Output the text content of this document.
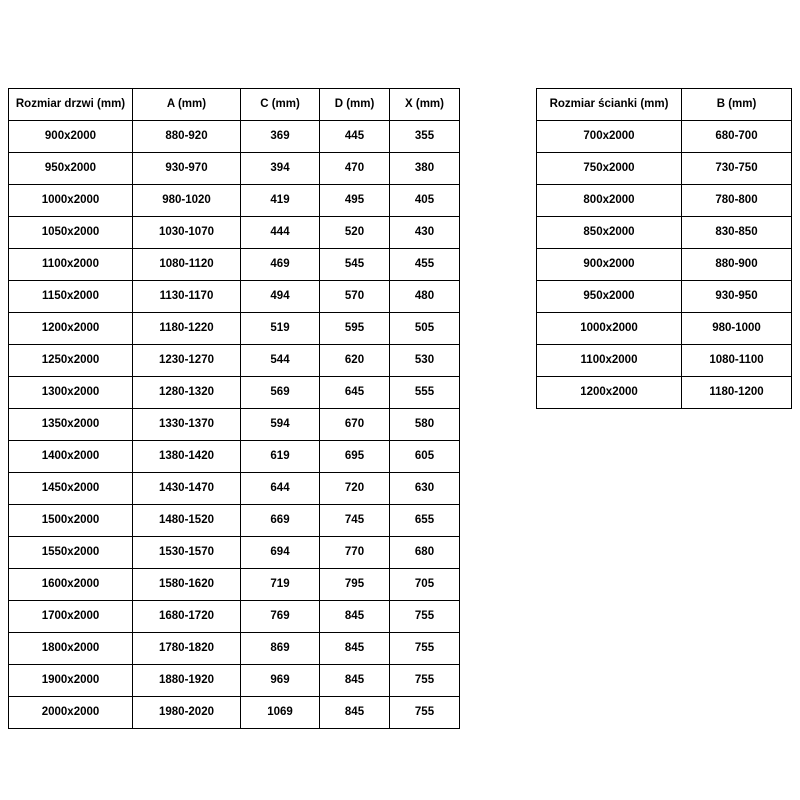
Rozmiar drzwi (mm)	A (mm)	C (mm)	D (mm)	X (mm)
900x2000	880-920	369	445	355
950x2000	930-970	394	470	380
1000x2000	980-1020	419	495	405
1050x2000	1030-1070	444	520	430
1100x2000	1080-1120	469	545	455
1150x2000	1130-1170	494	570	480
1200x2000	1180-1220	519	595	505
1250x2000	1230-1270	544	620	530
1300x2000	1280-1320	569	645	555
1350x2000	1330-1370	594	670	580
1400x2000	1380-1420	619	695	605
1450x2000	1430-1470	644	720	630
1500x2000	1480-1520	669	745	655
1550x2000	1530-1570	694	770	680
1600x2000	1580-1620	719	795	705
1700x2000	1680-1720	769	845	755
1800x2000	1780-1820	869	845	755
1900x2000	1880-1920	969	845	755
2000x2000	1980-2020	1069	845	755
Rozmiar ścianki (mm)	B (mm)
700x2000	680-700
750x2000	730-750
800x2000	780-800
850x2000	830-850
900x2000	880-900
950x2000	930-950
1000x2000	980-1000
1100x2000	1080-1100
1200x2000	1180-1200
